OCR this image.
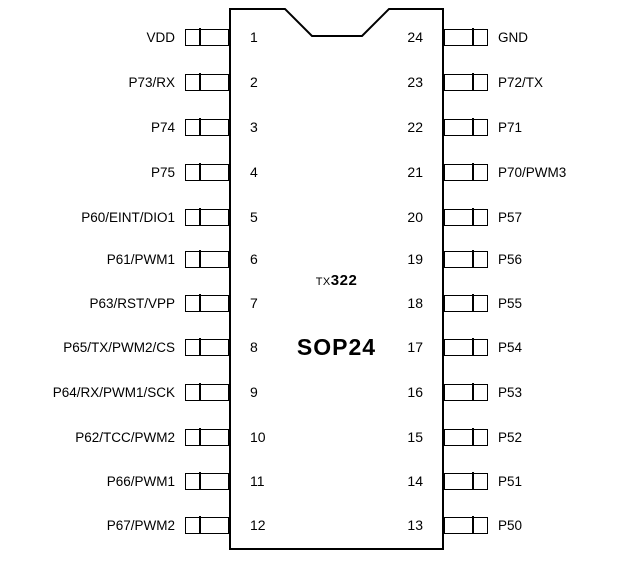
TX322
SOP24
VDD
P73/RX
P74
P75
P60/EINT/DIO1
P61/PWM1
P63/RST/VPP
P65/TX/PWM2/CS
P64/RX/PWM1/SCK
P62/TCC/PWM2
P66/PWM1
P67/PWM2
1
2
3
4
5
6
7
8
9
10
11
12
GND
P72/TX
P71
P70/PWM3
P57
P56
P55
P54
P53
P52
P51
P50
24
23
22
21
20
19
18
17
16
15
14
13
